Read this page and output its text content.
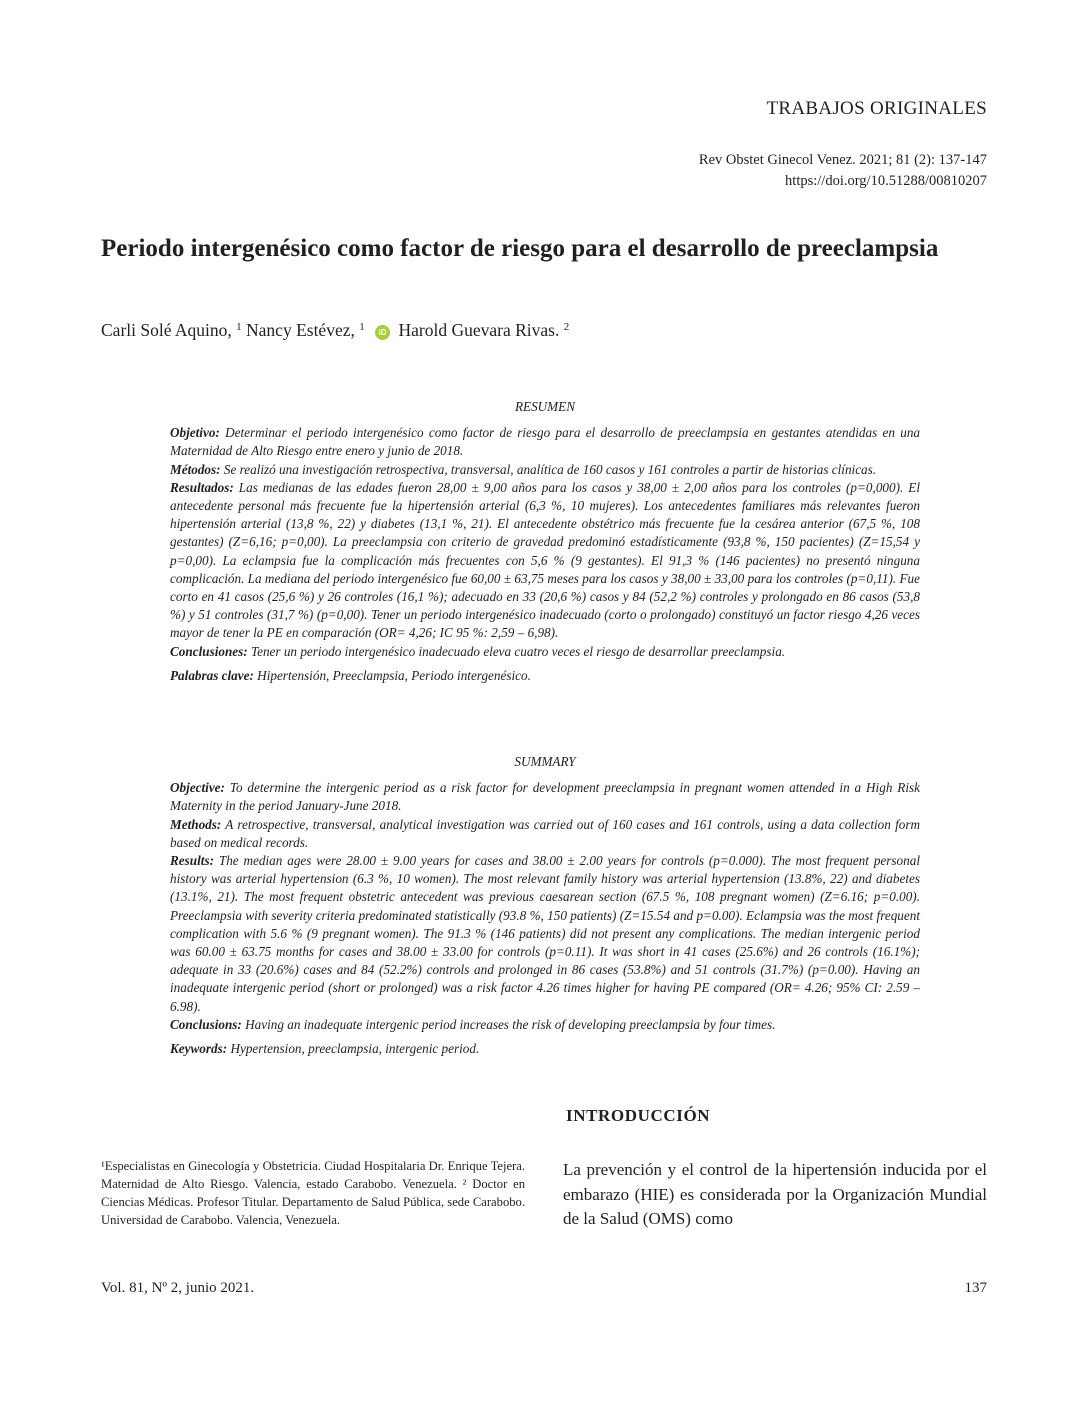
TRABAJOS ORIGINALES
Rev Obstet Ginecol Venez. 2021; 81 (2): 137-147
https://doi.org/10.51288/00810207
Periodo intergenésico como factor de riesgo para el desarrollo de preeclampsia
Carli Solé Aquino, $^1$ Nancy Estévez, $^1$ iD Harold Guevara Rivas. $^2$
RESUMEN

Objetivo: Determinar el periodo intergenésico como factor de riesgo para el desarrollo de preeclampsia en gestantes atendidas en una Maternidad de Alto Riesgo entre enero y junio de 2018.

Métodos: Se realizó una investigación retrospectiva, transversal, analítica de 160 casos y 161 controles a partir de historias clínicas.

Resultados: Las medianas de las edades fueron 28,00 ± 9,00 años para los casos y 38,00 ± 2,00 años para los controles (p=0,000). El antecedente personal más frecuente fue la hipertensión arterial (6,3 %, 10 mujeres). Los antecedentes familiares más relevantes fueron hipertensión arterial (13,8 %, 22) y diabetes (13,1 %, 21). El antecedente obstétrico más frecuente fue la cesárea anterior (67,5 %, 108 gestantes) (Z=6,16; p=0,00). La preeclampsia con criterio de gravedad predominó estadísticamente (93,8 %, 150 pacientes) (Z=15,54 y p=0,00). La eclampsia fue la complicación más frecuentes con 5,6 % (9 gestantes). El 91,3 % (146 pacientes) no presentó ninguna complicación. La mediana del periodo intergenésico fue 60,00 ± 63,75 meses para los casos y 38,00 ± 33,00 para los controles (p=0,11). Fue corto en 41 casos (25,6 %) y 26 controles (16,1 %); adecuado en 33 (20,6 %) casos y 84 (52,2 %) controles y prolongado en 86 casos (53,8 %) y 51 controles (31,7 %) (p=0,00). Tener un periodo intergenésico inadecuado (corto o prolongado) constituyó un factor riesgo 4,26 veces mayor de tener la PE en comparación (OR= 4,26; IC 95 %: 2,59 – 6,98).

Conclusiones: Tener un periodo intergenésico inadecuado eleva cuatro veces el riesgo de desarrollar preeclampsia.

Palabras clave: Hipertensión, Preeclampsia, Periodo intergenésico.

SUMMARY

Objective: To determine the intergenic period as a risk factor for development preeclampsia in pregnant women attended in a High Risk Maternity in the period January-June 2018.

Methods: A retrospective, transversal, analytical investigation was carried out of 160 cases and 161 controls, using a data collection form based on medical records.

Results: The median ages were 28.00 ± 9.00 years for cases and 38.00 ± 2.00 years for controls (p=0.000). The most frequent personal history was arterial hypertension (6.3 %, 10 women). The most relevant family history was arterial hypertension (13.8%, 22) and diabetes (13.1%, 21). The most frequent obstetric antecedent was previous caesarean section (67.5 %, 108 pregnant women) (Z=6.16; p=0.00). Preeclampsia with severity criteria predominated statistically (93.8 %, 150 patients) (Z=15.54 and p=0.00). Eclampsia was the most frequent complication with 5.6 % (9 pregnant women). The 91.3 % (146 patients) did not present any complications. The median intergenic period was 60.00 ± 63.75 months for cases and 38.00 ± 33.00 for controls (p=0.11). It was short in 41 cases (25.6%) and 26 controls (16.1%); adequate in 33 (20.6%) cases and 84 (52.2%) controls and prolonged in 86 cases (53.8%) and 51 controls (31.7%) (p=0.00). Having an inadequate intergenic period (short or prolonged) was a risk factor 4.26 times higher for having PE compared (OR= 4.26; 95% CI: 2.59 – 6.98).

Conclusions: Having an inadequate intergenic period increases the risk of developing preeclampsia by four times.

Keywords: Hypertension, preeclampsia, intergenic period.

INTRODUCCIÓN
La prevención y el control de la hipertensión inducida por el embarazo (HIE) es considerada por la Organización Mundial de la Salud (OMS) como
¹Especialistas en Ginecología y Obstetricia. Ciudad Hospitalaria Dr. Enrique Tejera. Maternidad de Alto Riesgo. Valencia, estado Carabobo. Venezuela. ² Doctor en Ciencias Médicas. Profesor Titular. Departamento de Salud Pública, sede Carabobo. Universidad de Carabobo. Valencia, Venezuela.
Vol. 81, Nº 2, junio 2021.	137
